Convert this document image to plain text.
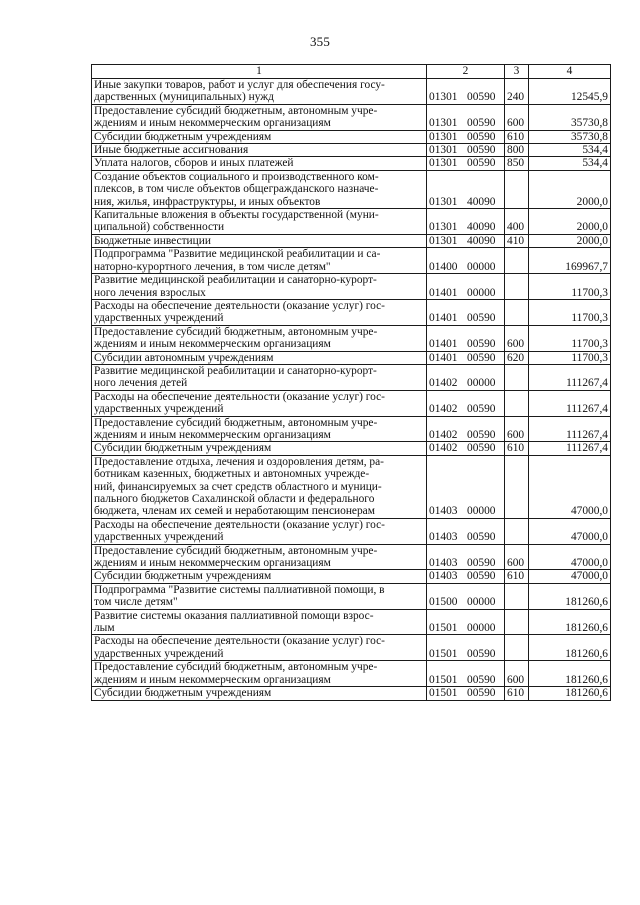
355
1	2	3	4
Иные закупки товаров, работ и услуг для обеспечения госу-
дарственных (муниципальных) нужд	01301 00590	240	12545,9
Предоставление субсидий бюджетным, автономным учре-
ждениям и иным некоммерческим организациям	01301 00590	600	35730,8
Субсидии бюджетным учреждениям	01301 00590	610	35730,8
Иные бюджетные ассигнования	01301 00590	800	534,4
Уплата налогов, сборов и иных платежей	01301 00590	850	534,4
Создание объектов социального и производственного ком-
плексов, в том числе объектов общегражданского назначе-
ния, жилья, инфраструктуры, и иных объектов	01301 40090		2000,0
Капитальные вложения в объекты государственной (муни-
ципальной) собственности	01301 40090	400	2000,0
Бюджетные инвестиции	01301 40090	410	2000,0
Подпрограмма "Развитие медицинской реабилитации и са-
наторно-курортного лечения, в том числе детям"	01400 00000		169967,7
Развитие медицинской реабилитации и санаторно-курорт-
ного лечения взрослых	01401 00000		11700,3
Расходы на обеспечение деятельности (оказание услуг) гос-
ударственных учреждений	01401 00590		11700,3
Предоставление субсидий бюджетным, автономным учре-
ждениям и иным некоммерческим организациям	01401 00590	600	11700,3
Субсидии автономным учреждениям	01401 00590	620	11700,3
Развитие медицинской реабилитации и санаторно-курорт-
ного лечения детей	01402 00000		111267,4
Расходы на обеспечение деятельности (оказание услуг) гос-
ударственных учреждений	01402 00590		111267,4
Предоставление субсидий бюджетным, автономным учре-
ждениям и иным некоммерческим организациям	01402 00590	600	111267,4
Субсидии бюджетным учреждениям	01402 00590	610	111267,4
Предоставление отдыха, лечения и оздоровления детям, ра-
ботникам казенных, бюджетных и автономных учрежде-
ний, финансируемых за счет средств областного и муници-
пального бюджетов Сахалинской области и федерального
бюджета, членам их семей и неработающим пенсионерам	01403 00000		47000,0
Расходы на обеспечение деятельности (оказание услуг) гос-
ударственных учреждений	01403 00590		47000,0
Предоставление субсидий бюджетным, автономным учре-
ждениям и иным некоммерческим организациям	01403 00590	600	47000,0
Субсидии бюджетным учреждениям	01403 00590	610	47000,0
Подпрограмма "Развитие системы паллиативной помощи, в
том числе детям"	01500 00000		181260,6
Развитие системы оказания паллиативной помощи взрос-
лым	01501 00000		181260,6
Расходы на обеспечение деятельности (оказание услуг) гос-
ударственных учреждений	01501 00590		181260,6
Предоставление субсидий бюджетным, автономным учре-
ждениям и иным некоммерческим организациям	01501 00590	600	181260,6
Субсидии бюджетным учреждениям	01501 00590	610	181260,6
